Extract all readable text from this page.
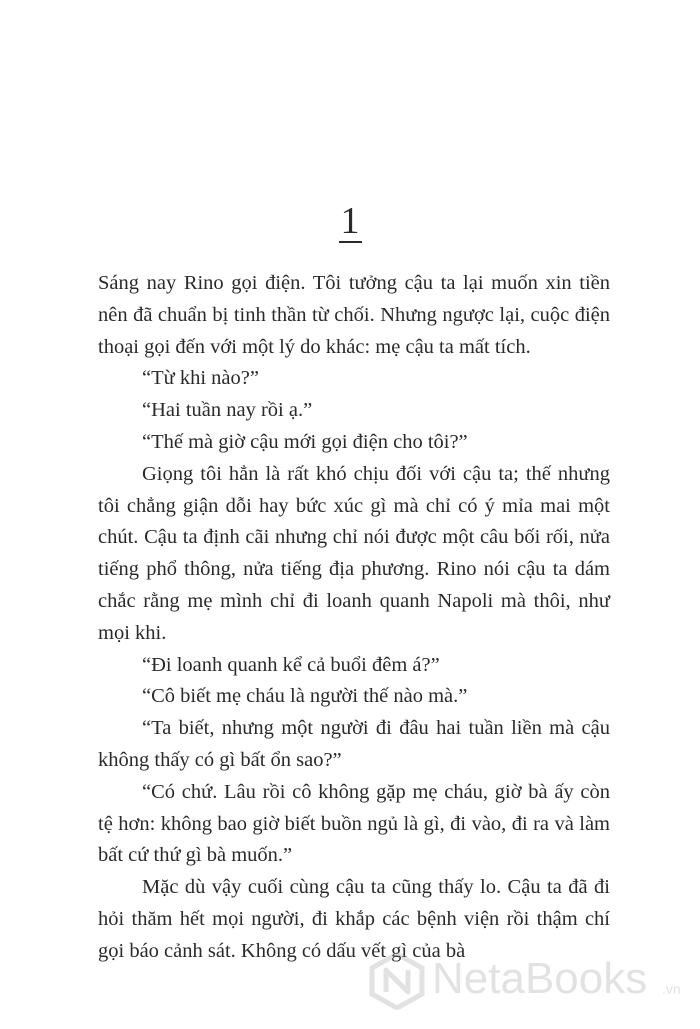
1

Sáng nay Rino gọi điện. Tôi tưởng cậu ta lại muốn xin tiền nên đã chuẩn bị tinh thần từ chối. Nhưng ngược lại, cuộc điện thoại gọi đến với một lý do khác: mẹ cậu ta mất tích.

“Từ khi nào?”

“Hai tuần nay rồi ạ.”

“Thế mà giờ cậu mới gọi điện cho tôi?”

Giọng tôi hẳn là rất khó chịu đối với cậu ta; thế nhưng tôi chẳng giận dỗi hay bức xúc gì mà chỉ có ý mỉa mai một chút. Cậu ta định cãi nhưng chỉ nói được một câu bối rối, nửa tiếng phổ thông, nửa tiếng địa phương. Rino nói cậu ta dám chắc rằng mẹ mình chỉ đi loanh quanh Napoli mà thôi, như mọi khi.

“Đi loanh quanh kể cả buổi đêm á?”

“Cô biết mẹ cháu là người thế nào mà.”

“Ta biết, nhưng một người đi đâu hai tuần liền mà cậu không thấy có gì bất ổn sao?”

“Có chứ. Lâu rồi cô không gặp mẹ cháu, giờ bà ấy còn tệ hơn: không bao giờ biết buồn ngủ là gì, đi vào, đi ra và làm bất cứ thứ gì bà muốn.”

Mặc dù vậy cuối cùng cậu ta cũng thấy lo. Cậu ta đã đi hỏi thăm hết mọi người, đi khắp các bệnh viện rồi thậm chí gọi báo cảnh sát. Không có dấu vết gì của bà

NetaBooks .vn
